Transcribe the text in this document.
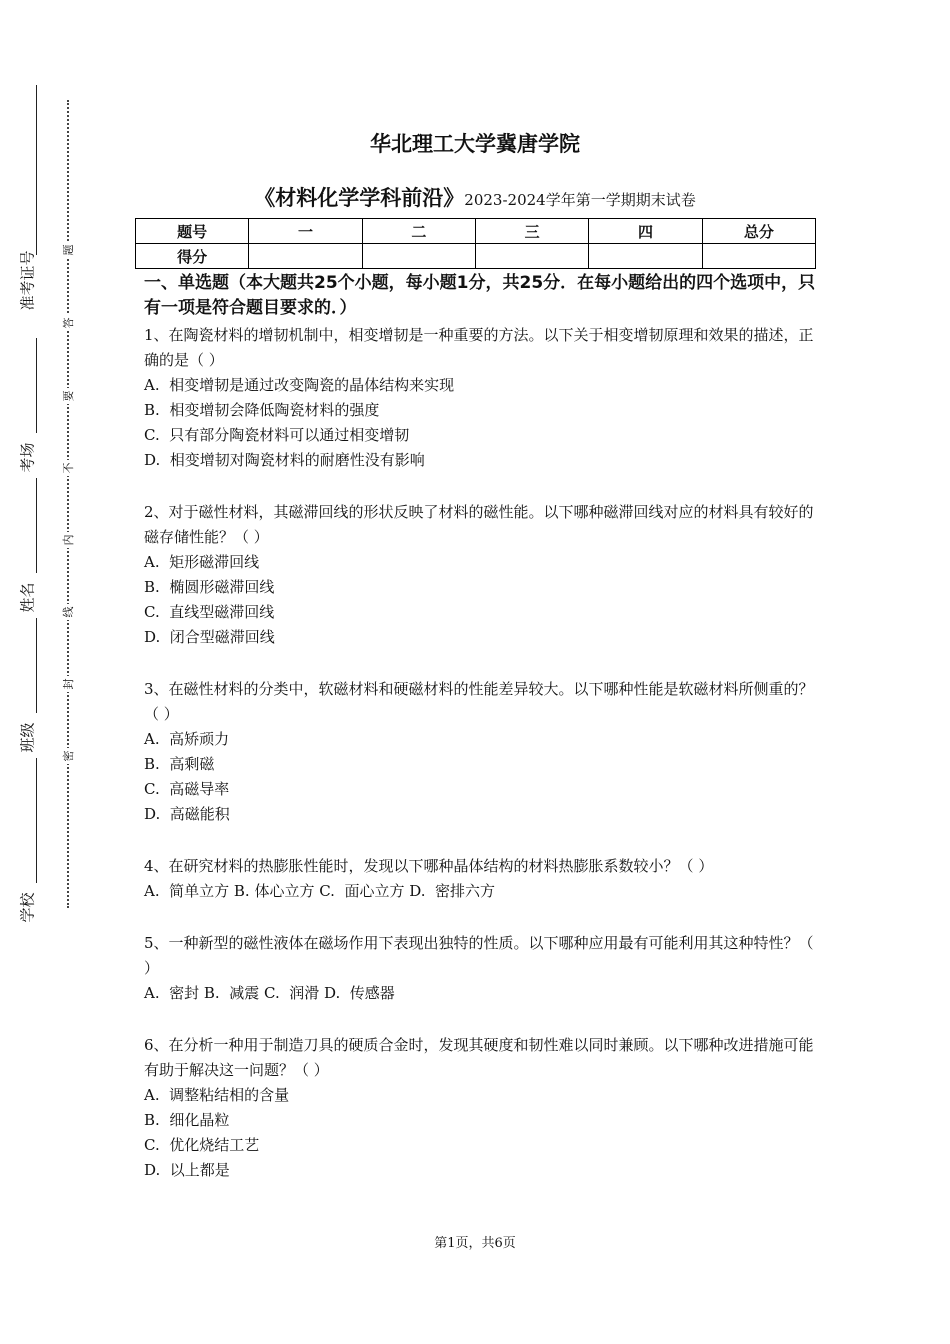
准考证号
考场
姓名
班级
学校
题
答
要
不
内
线
封
密
华北理工大学冀唐学院
《材料化学学科前沿》2023-2024学年第一学期期末试卷
题号	一	二	三	四	总分
得分					
一、单选题（本大题共25个小题，每小题1分，共25分．在每小题给出的四个选项中，只有一项是符合题目要求的．）
1、在陶瓷材料的增韧机制中，相变增韧是一种重要的方法。以下关于相变增韧原理和效果的描述，正确的是（ ）
A.  相变增韧是通过改变陶瓷的晶体结构来实现
B.  相变增韧会降低陶瓷材料的强度
C.  只有部分陶瓷材料可以通过相变增韧
D.  相变增韧对陶瓷材料的耐磨性没有影响
2、对于磁性材料，其磁滞回线的形状反映了材料的磁性能。以下哪种磁滞回线对应的材料具有较好的磁存储性能？（ ）
A.  矩形磁滞回线
B.  椭圆形磁滞回线
C.  直线型磁滞回线
D.  闭合型磁滞回线
3、在磁性材料的分类中，软磁材料和硬磁材料的性能差异较大。以下哪种性能是软磁材料所侧重的？（ ）
A.  高矫顽力
B.  高剩磁
C.  高磁导率
D.  高磁能积
4、在研究材料的热膨胀性能时，发现以下哪种晶体结构的材料热膨胀系数较小？（ ）
A.  简单立方 B. 体心立方 C.  面心立方 D.  密排六方
5、一种新型的磁性液体在磁场作用下表现出独特的性质。以下哪种应用最有可能利用其这种特性？（ ）
A.  密封 B.  减震 C.  润滑 D.  传感器
6、在分析一种用于制造刀具的硬质合金时，发现其硬度和韧性难以同时兼顾。以下哪种改进措施可能有助于解决这一问题？（ ）
A.  调整粘结相的含量
B.  细化晶粒
C.  优化烧结工艺
D.  以上都是
第1页，共6页
